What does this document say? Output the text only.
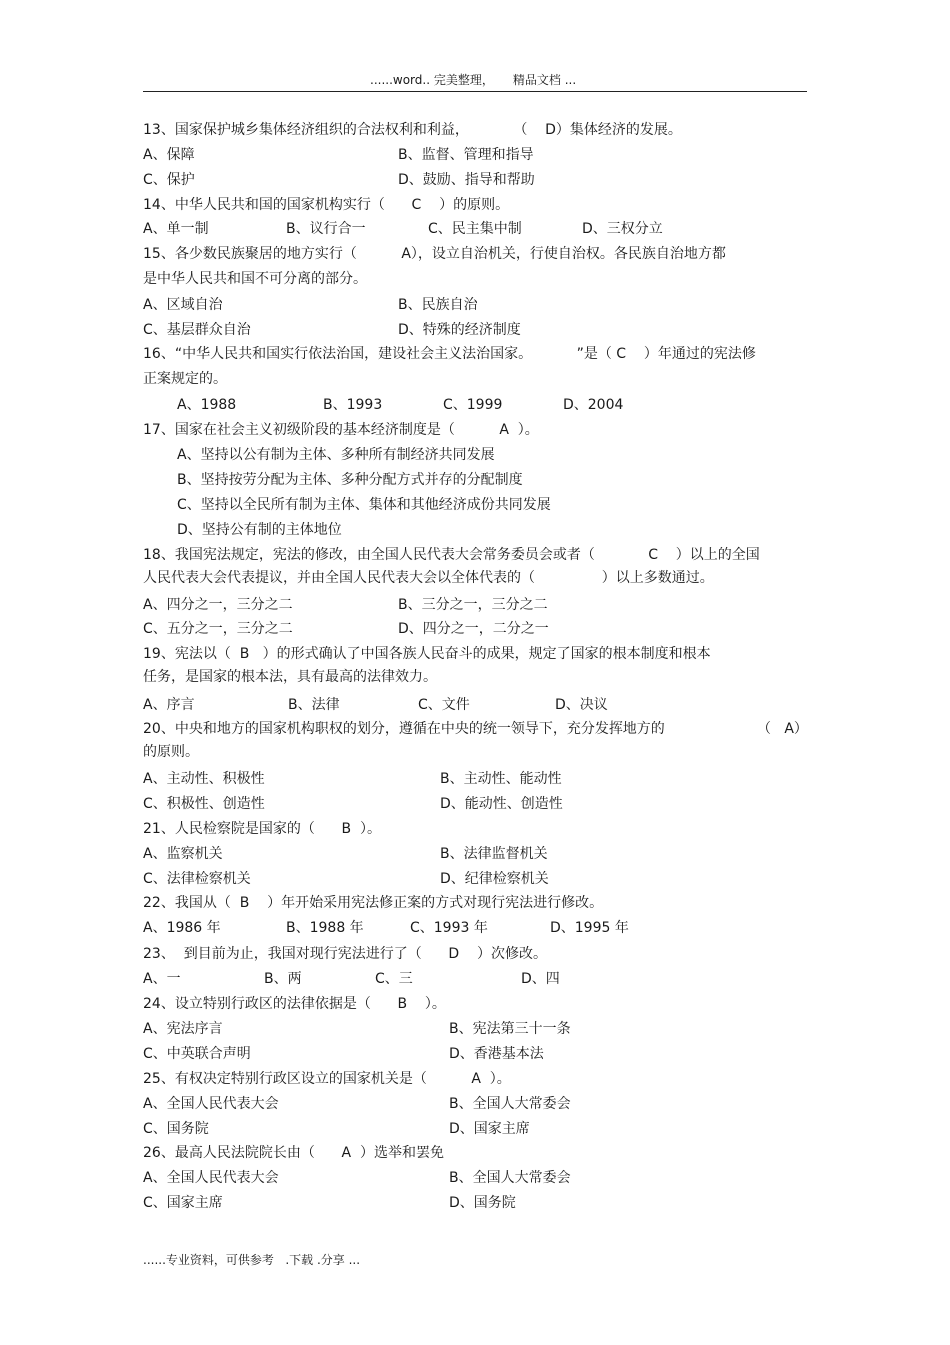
......word.. 完美整理，     精品文档 ...
13、国家保护城乡集体经济组织的合法权利和利益，          （    D）集体经济的发展。
A、保障	B、监督、管理和指导
C、保护	D、鼓励、指导和帮助
14、中华人民共和国的国家机构实行（      C    ）的原则。
A、单一制	B、议行合一	C、民主集中制	D、三权分立
15、各少数民族聚居的地方实行（          A），设立自治机关，行使自治权。各民族自治地方都
是中华人民共和国不可分离的部分。
A、区域自治	B、民族自治
C、基层群众自治	D、特殊的经济制度
16、“中华人民共和国实行依法治国，建设社会主义法治国家。          ”是（ C    ）年通过的宪法修
正案规定的。
A、1988	B、1993	C、1999	D、2004
17、国家在社会主义初级阶段的基本经济制度是（          A  ）。
A、坚持以公有制为主体、多种所有制经济共同发展
B、坚持按劳分配为主体、多种分配方式并存的分配制度
C、坚持以全民所有制为主体、集体和其他经济成份共同发展
D、坚持公有制的主体地位
18、我国宪法规定，宪法的修改，由全国人民代表大会常务委员会或者（            C    ）以上的全国
人民代表大会代表提议，并由全国人民代表大会以全体代表的（               ）以上多数通过。
A、四分之一，三分之二	B、三分之一，三分之二
C、五分之一，三分之二	D、四分之一，二分之一
19、宪法以（  B   ）的形式确认了中国各族人民奋斗的成果，规定了国家的根本制度和根本
任务，是国家的根本法，具有最高的法律效力。
A、序言	B、法律	C、文件	D、决议
20、中央和地方的国家机构职权的划分，遵循在中央的统一领导下，充分发挥地方的	（   A）
的原则。
A、主动性、积极性	B、主动性、能动性
C、积极性、创造性	D、能动性、创造性
21、人民检察院是国家的（      B  ）。
A、监察机关	B、法律监督机关
C、法律检察机关	D、纪律检察机关
22、我国从（  B    ）年开始采用宪法修正案的方式对现行宪法进行修改。
A、1986 年	B、1988 年	C、1993 年	D、1995 年
23、  到目前为止，我国对现行宪法进行了（      D    ）次修改。
A、一	B、两	C、三	D、四
24、设立特别行政区的法律依据是（      B    ）。
A、宪法序言	B、宪法第三十一条
C、中英联合声明	D、香港基本法
25、有权决定特别行政区设立的国家机关是（          A  ）。
A、全国人民代表大会	B、全国人大常委会
C、国务院	D、国家主席
26、最高人民法院院长由（      A  ）选举和罢免
A、全国人民代表大会	B、全国人大常委会
C、国家主席	D、国务院
......专业资料，可供参考   .下载 .分享 ...
